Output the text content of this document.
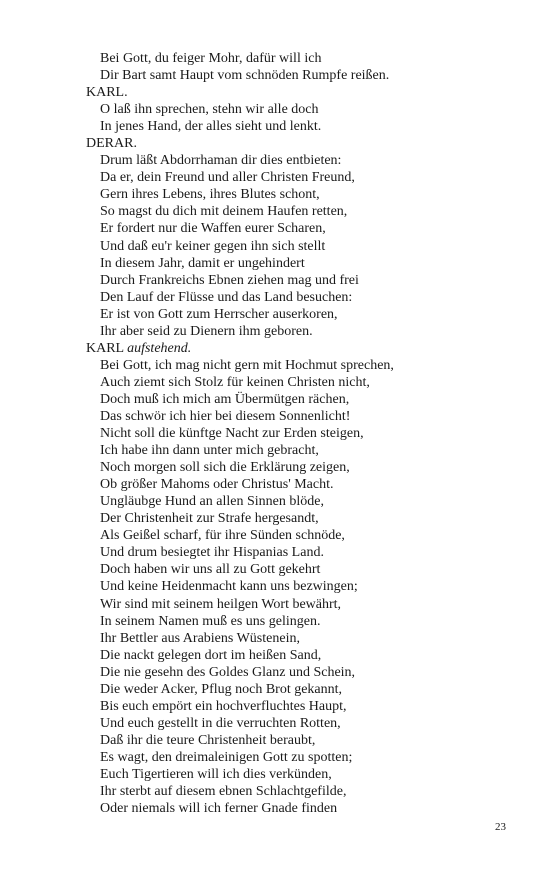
Bei Gott, du feiger Mohr, dafür will ich
Dir Bart samt Haupt vom schnöden Rumpfe reißen.
KARL.
O laß ihn sprechen, stehn wir alle doch
In jenes Hand, der alles sieht und lenkt.
DERAR.
Drum läßt Abdorrhaman dir dies entbieten:
Da er, dein Freund und aller Christen Freund,
Gern ihres Lebens, ihres Blutes schont,
So magst du dich mit deinem Haufen retten,
Er fordert nur die Waffen eurer Scharen,
Und daß eu'r keiner gegen ihn sich stellt
In diesem Jahr, damit er ungehindert
Durch Frankreichs Ebnen ziehen mag und frei
Den Lauf der Flüsse und das Land besuchen:
Er ist von Gott zum Herrscher auserkoren,
Ihr aber seid zu Dienern ihm geboren.
KARL aufstehend.
Bei Gott, ich mag nicht gern mit Hochmut sprechen,
Auch ziemt sich Stolz für keinen Christen nicht,
Doch muß ich mich am Übermütgen rächen,
Das schwör ich hier bei diesem Sonnenlicht!
Nicht soll die künftge Nacht zur Erden steigen,
Ich habe ihn dann unter mich gebracht,
Noch morgen soll sich die Erklärung zeigen,
Ob größer Mahoms oder Christus' Macht.
Ungläubge Hund an allen Sinnen blöde,
Der Christenheit zur Strafe hergesandt,
Als Geißel scharf, für ihre Sünden schnöde,
Und drum besiegtet ihr Hispanias Land.
Doch haben wir uns all zu Gott gekehrt
Und keine Heidenmacht kann uns bezwingen;
Wir sind mit seinem heilgen Wort bewährt,
In seinem Namen muß es uns gelingen.
Ihr Bettler aus Arabiens Wüstenein,
Die nackt gelegen dort im heißen Sand,
Die nie gesehn des Goldes Glanz und Schein,
Die weder Acker, Pflug noch Brot gekannt,
Bis euch empört ein hochverfluchtes Haupt,
Und euch gestellt in die verruchten Rotten,
Daß ihr die teure Christenheit beraubt,
Es wagt, den dreimaleinigen Gott zu spotten;
Euch Tigertieren will ich dies verkünden,
Ihr sterbt auf diesem ebnen Schlachtgefilde,
Oder niemals will ich ferner Gnade finden
23
